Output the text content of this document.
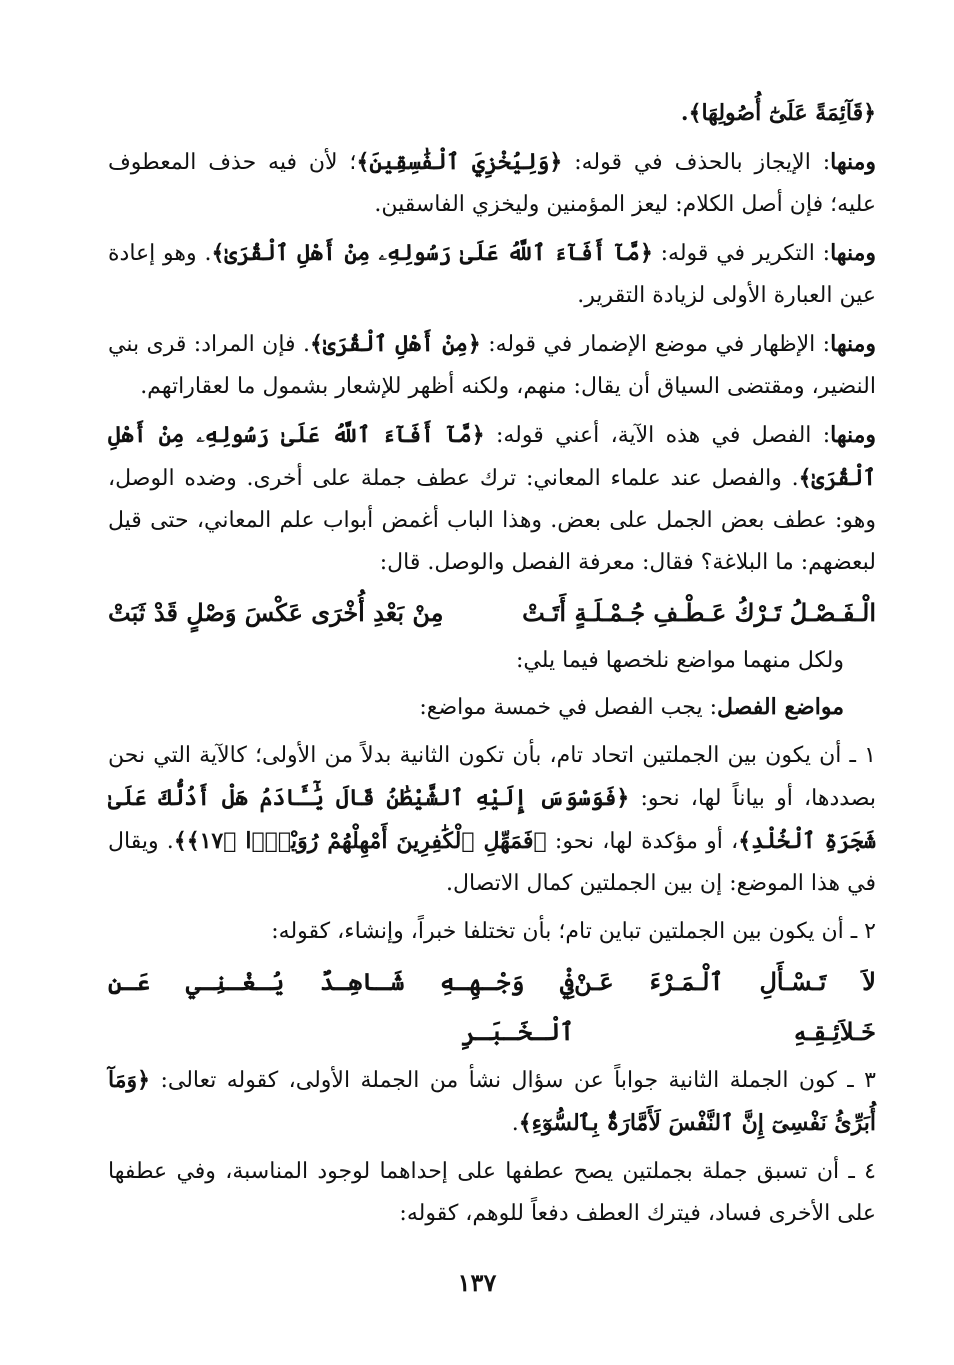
﴿قَآئِمَةً عَلَىٰٓ أُصُولِهَا﴾.

ومنها: الإيجاز بالحذف في قوله: ﴿وَلِيُخْزِيَ ٱلْفَٰسِقِينَ﴾؛ لأن فيه حذف المعطوف عليه؛ فإن أصل الكلام: ليعز المؤمنين وليخزي الفاسقين.

ومنها: التكرير في قوله: ﴿مَّآ أَفَآءَ ٱللَّهُ عَلَىٰ رَسُولِهِۦ مِنْ أَهْلِ ٱلْقُرَىٰ﴾. وهو إعادة عين العبارة الأولى لزيادة التقرير.

ومنها: الإظهار في موضع الإضمار في قوله: ﴿مِنْ أَهْلِ ٱلْقُرَىٰ﴾. فإن المراد: قرى بني النضير، ومقتضى السياق أن يقال: منهم، ولكنه أظهر للإشعار بشمول ما لعقاراتهم.

ومنها: الفصل في هذه الآية، أعني قوله: ﴿مَّآ أَفَآءَ ٱللَّهُ عَلَىٰ رَسُولِهِۦ مِنْ أَهْلِ ٱلْقُرَىٰ﴾. والفصل عند علماء المعاني: ترك عطف جملة على أخرى. وضده الوصل، وهو: عطف بعض الجمل على بعض. وهذا الباب أغمض أبواب علم المعاني، حتى قيل لبعضهم: ما البلاغة؟ فقال: معرفة الفصل والوصل. قال:

الْـفَـصْـلُ تَـرْكُ عَـطْـفِ جُـمْـلَـةٍ أَتَـتْ
مِنْ بَعْدِ أُخْرَى عَكْسَ وَصْلٍ قَدْ ثَبَتْ

ولكل منهما مواضع نلخصها فيما يلي:

مواضع الفصل: يجب الفصل في خمسة مواضع:

١ ـ أن يكون بين الجملتين اتحاد تام، بأن تكون الثانية بدلاً من الأولى؛ كالآية التي نحن بصددها، أو بياناً لها، نحو: ﴿فَوَسْوَسَ إِلَيْهِ ٱلشَّيْطَٰنُ قَالَ يَٰٓـَٔادَمُ هَلْ أَدُلُّكَ عَلَىٰ شَجَرَةِ ٱلْخُلْدِ﴾، أو مؤكدة لها، نحو: ﴿فَمَهِّلِ ٱلْكَٰفِرِينَ أَمْهِلْهُمْ رُوَيْدًۢا ﴿١٧﴾﴾. ويقال في هذا الموضع: إن بين الجملتين كمال الاتصال.

٢ ـ أن يكون بين الجملتين تباين تام؛ بأن تختلفا خبراً، وإنشاء، كقوله:

لاَ تَـسْـأَلِ ٱلْـمَـرْءَ عَـنْ خَـلاَئِـقِـهِ
فِيْ وَجْـهِـهِ شَـاهِـدٌ يُـغْـنِـي عَـنِ ٱلْـخَـبَـرِ

٣ ـ كون الجملة الثانية جواباً عن سؤال نشأ من الجملة الأولى، كقوله تعالى: ﴿وَمَآ أُبَرِّئُ نَفْسِىٓ إِنَّ ٱلنَّفْسَ لَأَمَّارَةٌۢ بِٱلسُّوٓءِ﴾.

٤ ـ أن تسبق جملة بجملتين يصح عطفها على إحداهما لوجود المناسبة، وفي عطفها على الأخرى فساد، فيترك العطف دفعاً للوهم، كقوله:

١٣٧
